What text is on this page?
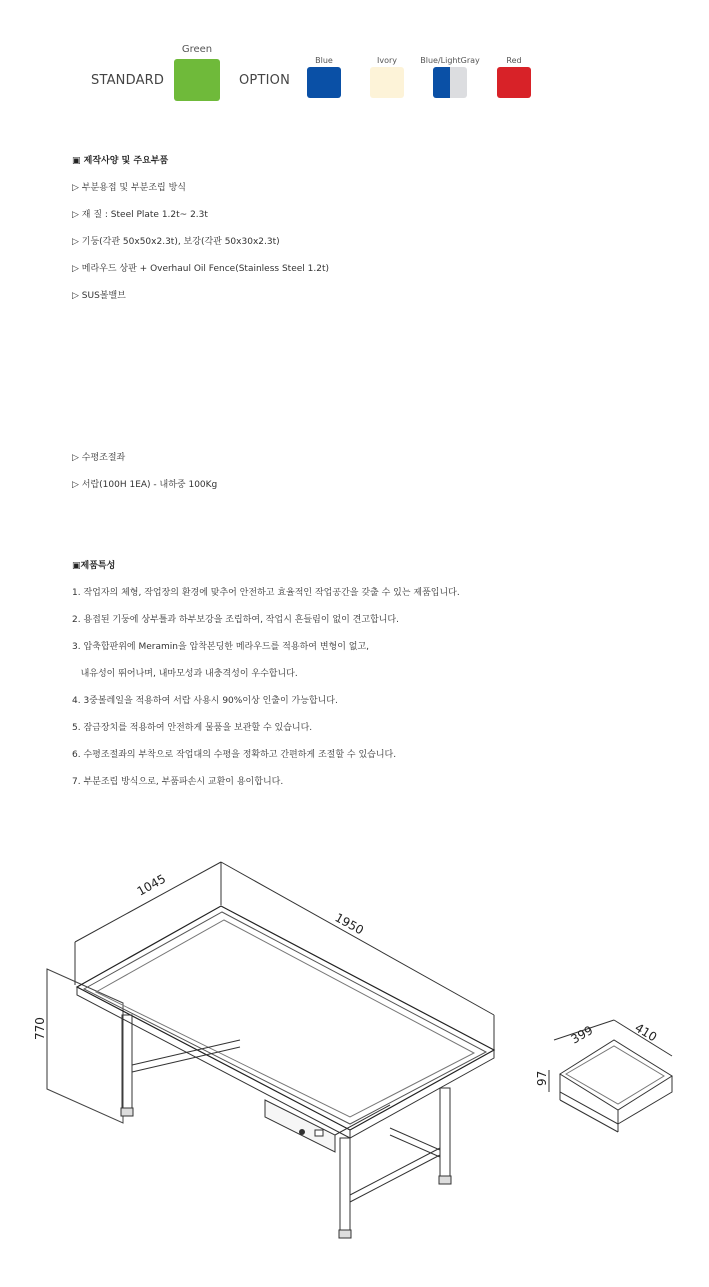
STANDARD
Green
OPTION
Blue	Ivory	Blue/LightGray	Red
▣ 제작사양 및 주요부품
▷ 부분용접 및 부분조립 방식
▷ 재 질 : Steel Plate 1.2t~ 2.3t
▷ 기둥(각관 50x50x2.3t), 보강(각관 50x30x2.3t)
▷ 메라우드 상판 + Overhaul Oil Fence(Stainless Steel 1.2t)
▷ SUS볼밸브
▷ 수평조절좌
▷ 서랍(100H 1EA) - 내하중 100Kg
▣제품특성
1. 작업자의 체형, 작업장의 환경에 맞추어 안전하고 효율적인 작업공간을 갖출 수 있는 제품입니다.
2. 용접된 기둥에 상부틀과 하부보강을 조립하여, 작업시 흔들림이 없이 견고합니다.
3. 압축합판위에 Meramin을 압착본딩한 메라우드를 적용하여 변형이 없고,
내유성이 뛰어나며, 내마모성과 내충격성이 우수합니다.
4. 3중볼레일을 적용하여 서랍 사용시 90%이상 인출이 가능합니다.
5. 잠금장치를 적용하여 안전하게 물품을 보관할 수 있습니다.
6. 수평조절좌의 부착으로 작업대의 수평을 정확하고 간편하게 조절할 수 있습니다.
7. 부분조립 방식으로, 부품파손시 교환이 용이합니다.
1045
1950
770	399	410
97
